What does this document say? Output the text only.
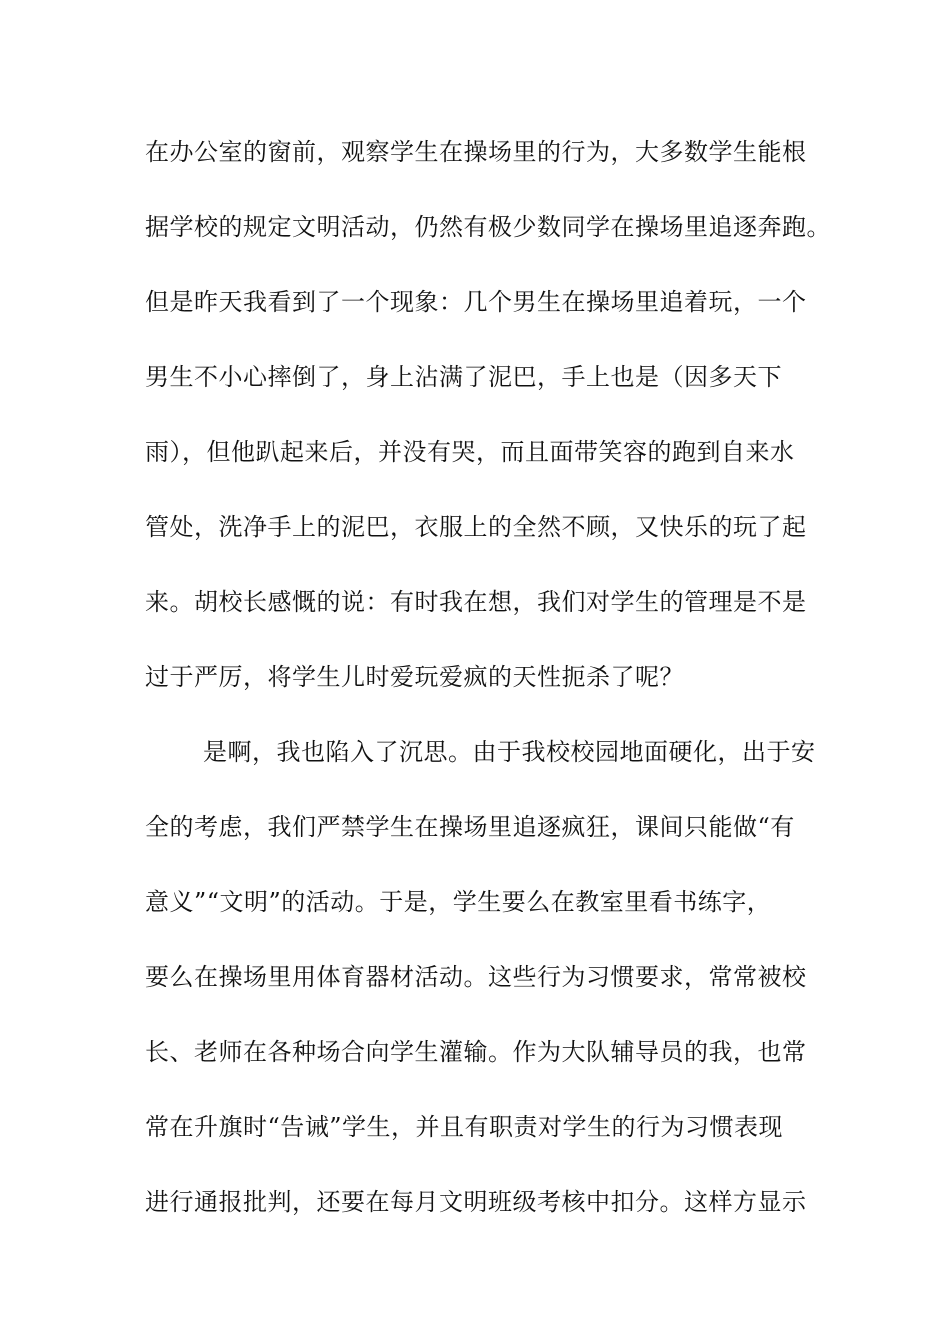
在办公室的窗前，观察学生在操场里的行为，大多数学生能根
据学校的规定文明活动，仍然有极少数同学在操场里追逐奔跑。
但是昨天我看到了一个现象：几个男生在操场里追着玩，一个
男生不小心摔倒了，身上沾满了泥巴，手上也是（因多天下
雨），但他趴起来后，并没有哭，而且面带笑容的跑到自来水
管处，洗净手上的泥巴，衣服上的全然不顾，又快乐的玩了起
来。胡校长感慨的说：有时我在想，我们对学生的管理是不是
过于严厉，将学生儿时爱玩爱疯的天性扼杀了呢？
是啊，我也陷入了沉思。由于我校校园地面硬化，出于安
全的考虑，我们严禁学生在操场里追逐疯狂，课间只能做“有
意义”“文明”的活动。于是，学生要么在教室里看书练字，
要么在操场里用体育器材活动。这些行为习惯要求，常常被校
长、老师在各种场合向学生灌输。作为大队辅导员的我，也常
常在升旗时“告诫”学生，并且有职责对学生的行为习惯表现
进行通报批判，还要在每月文明班级考核中扣分。这样方显示
